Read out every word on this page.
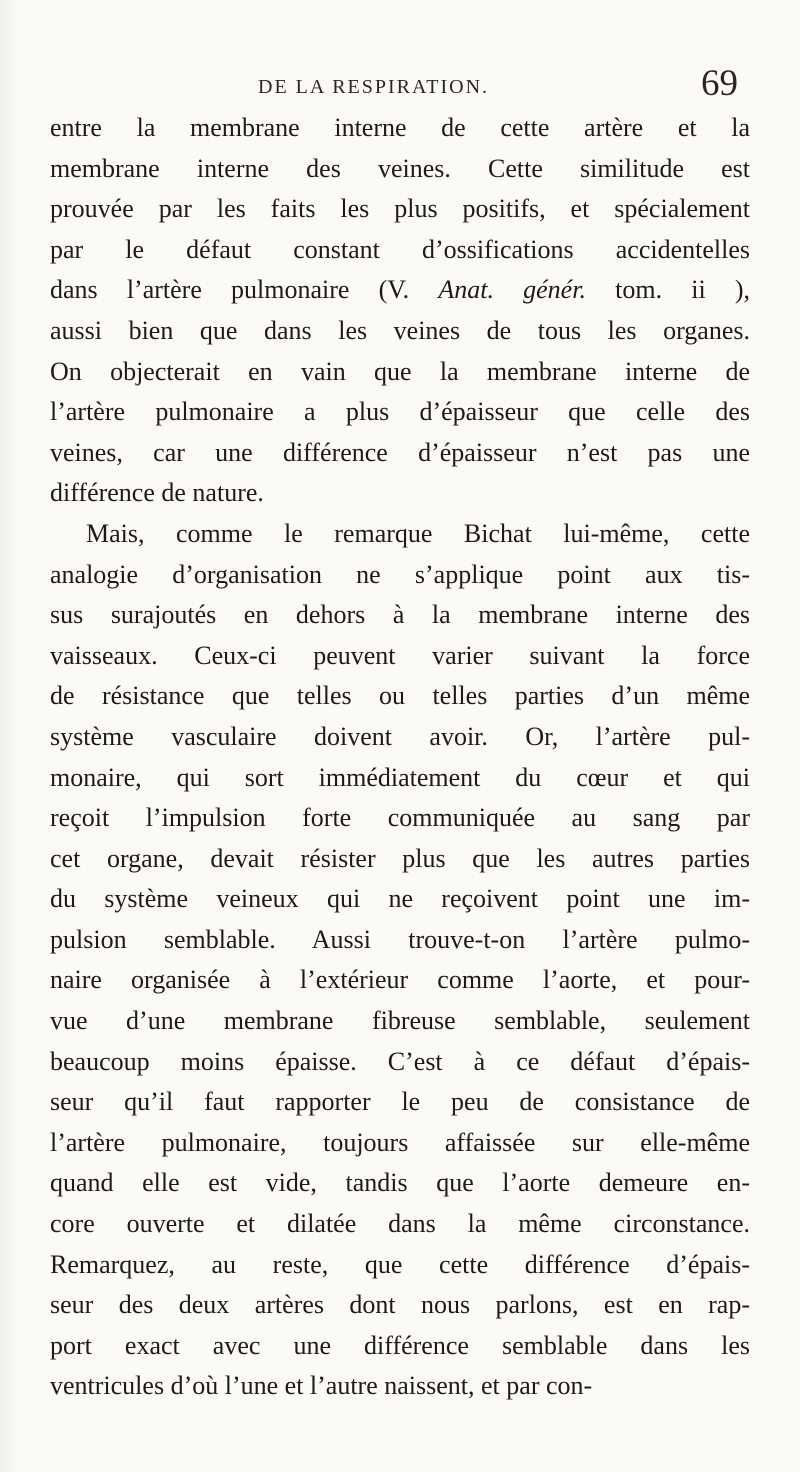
DE LA RESPIRATION.	69
entre la membrane interne de cette artère et la
membrane interne des veines. Cette similitude est
prouvée par les faits les plus positifs, et spécialement
par le défaut constant d’ossifications accidentelles
dans l’artère pulmonaire (V. Anat. génér. tom. ii ),
aussi bien que dans les veines de tous les organes.
On objecterait en vain que la membrane interne de
l’artère pulmonaire a plus d’épaisseur que celle des
veines, car une différence d’épaisseur n’est pas une
différence de nature.
Mais, comme le remarque Bichat lui-même, cette
analogie d’organisation ne s’applique point aux tis-
sus surajoutés en dehors à la membrane interne des
vaisseaux. Ceux-ci peuvent varier suivant la force
de résistance que telles ou telles parties d’un même
système vasculaire doivent avoir. Or, l’artère pul-
monaire, qui sort immédiatement du cœur et qui
reçoit l’impulsion forte communiquée au sang par
cet organe, devait résister plus que les autres parties
du système veineux qui ne reçoivent point une im-
pulsion semblable. Aussi trouve-t-on l’artère pulmo-
naire organisée à l’extérieur comme l’aorte, et pour-
vue d’une membrane fibreuse semblable, seulement
beaucoup moins épaisse. C’est à ce défaut d’épais-
seur qu’il faut rapporter le peu de consistance de
l’artère pulmonaire, toujours affaissée sur elle-même
quand elle est vide, tandis que l’aorte demeure en-
core ouverte et dilatée dans la même circonstance.
Remarquez, au reste, que cette différence d’épais-
seur des deux artères dont nous parlons, est en rap-
port exact avec une différence semblable dans les
ventricules d’où l’une et l’autre naissent, et par con-
